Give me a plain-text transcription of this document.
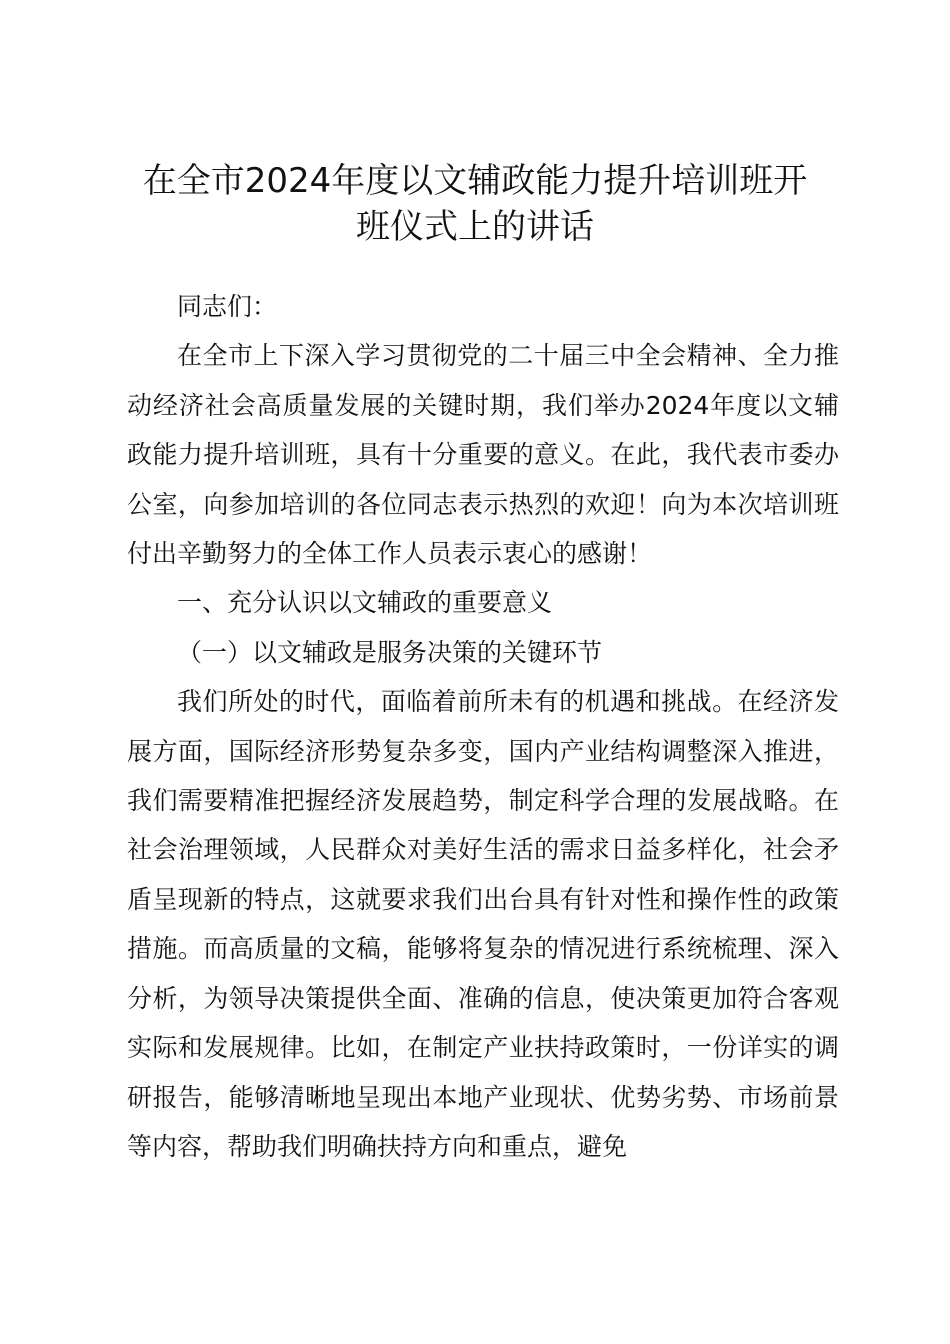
在全市2024年度以文辅政能力提升培训班开
班仪式上的讲话

同志们：

在全市上下深入学习贯彻党的二十届三中全会精神、全力推动经济社会高质量发展的关键时期，我们举办2024年度以文辅政能力提升培训班，具有十分重要的意义。在此，我代表市委办公室，向参加培训的各位同志表示热烈的欢迎！向为本次培训班付出辛勤努力的全体工作人员表示衷心的感谢！

一、充分认识以文辅政的重要意义

（一）以文辅政是服务决策的关键环节

我们所处的时代，面临着前所未有的机遇和挑战。在经济发展方面，国际经济形势复杂多变，国内产业结构调整深入推进，我们需要精准把握经济发展趋势，制定科学合理的发展战略。在社会治理领域，人民群众对美好生活的需求日益多样化，社会矛盾呈现新的特点，这就要求我们出台具有针对性和操作性的政策措施。而高质量的文稿，能够将复杂的情况进行系统梳理、深入分析，为领导决策提供全面、准确的信息，使决策更加符合客观实际和发展规律。比如，在制定产业扶持政策时，一份详实的调研报告，能够清晰地呈现出本地产业现状、优势劣势、市场前景等内容，帮助我们明确扶持方向和重点，避免
